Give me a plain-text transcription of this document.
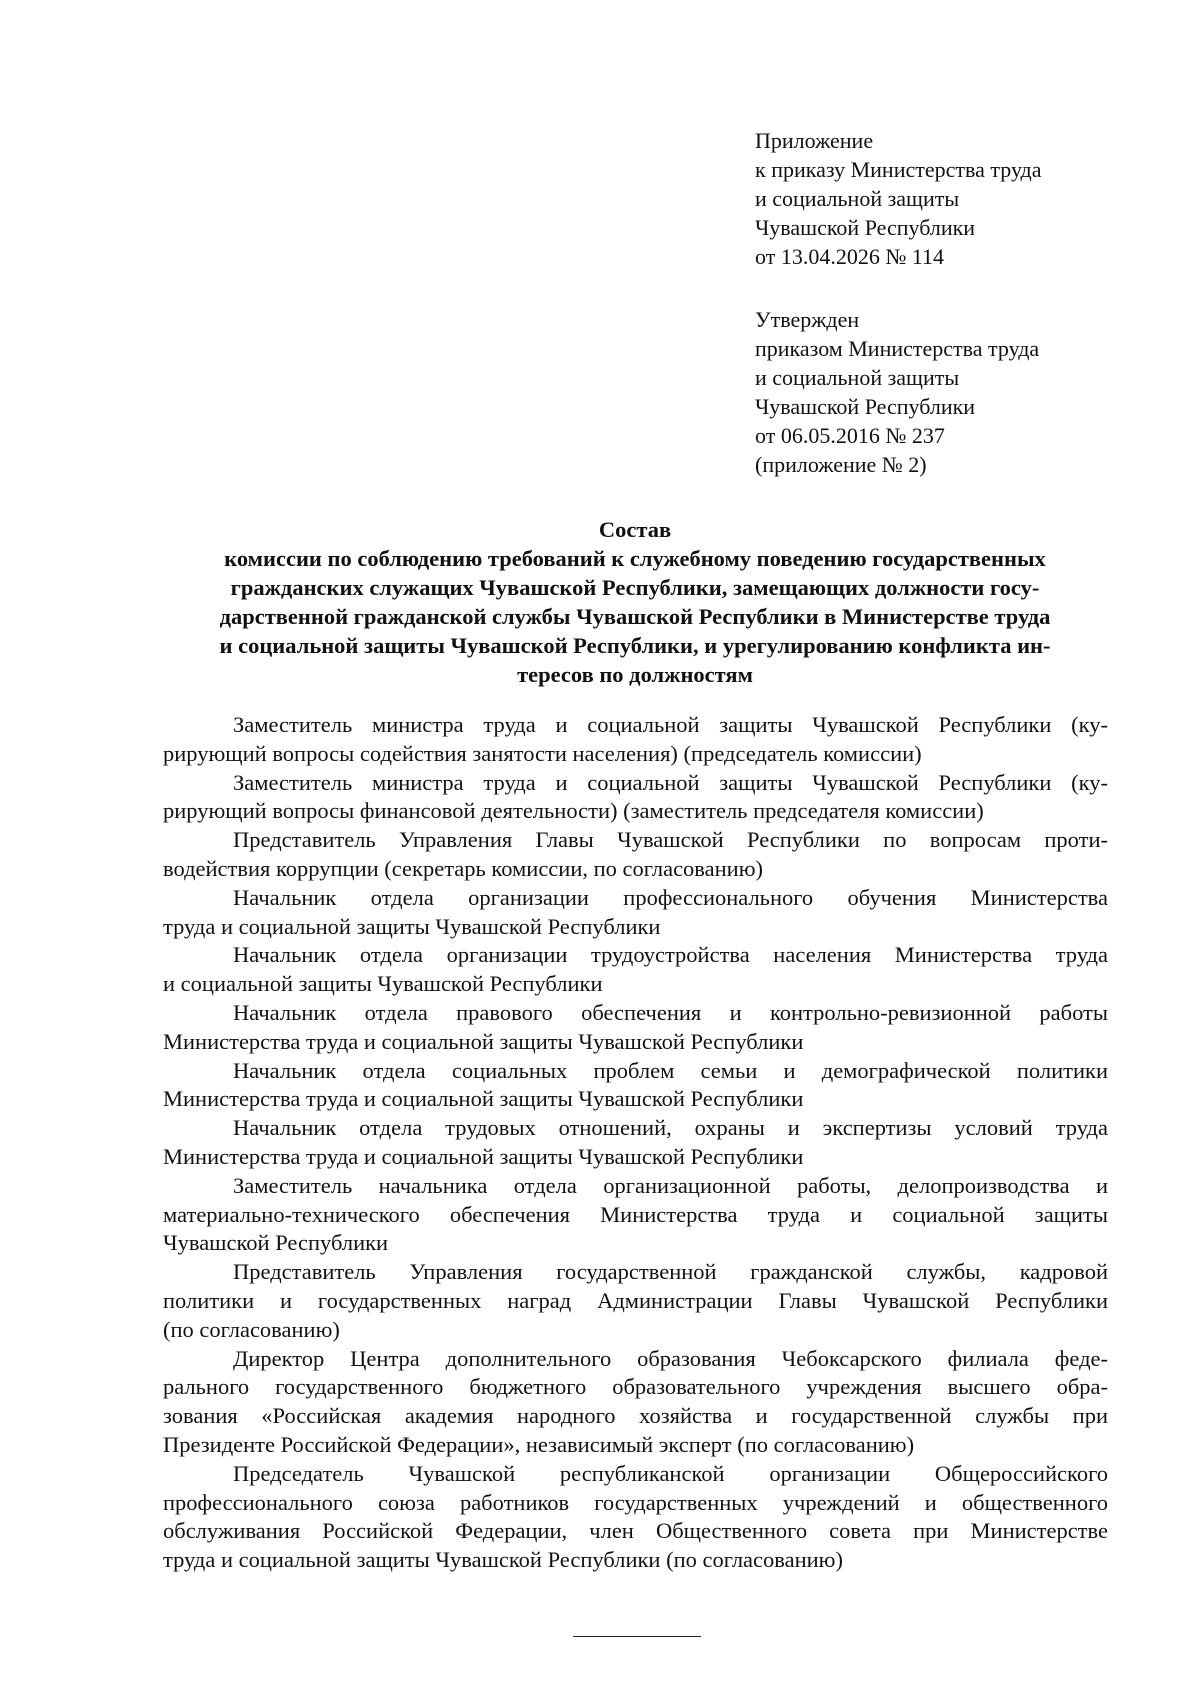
Приложение
к приказу Министерства труда
и социальной защиты
Чувашской Республики
от 13.04.2026 № 114
Утвержден
приказом Министерства труда
и социальной защиты
Чувашской Республики
от 06.05.2016 № 237
(приложение № 2)
Состав
комиссии по соблюдению требований к служебному поведению государственных
гражданских служащих Чувашской Республики, замещающих должности госу-
дарственной гражданской службы Чувашской Республики в Министерстве труда
и социальной защиты Чувашской Республики, и урегулированию конфликта ин-
тересов по должностям
Заместитель министра труда и социальной защиты Чувашской Республики (ку-
рирующий вопросы содействия занятости населения) (председатель комиссии)
Заместитель министра труда и социальной защиты Чувашской Республики (ку-
рирующий вопросы финансовой деятельности) (заместитель председателя комиссии)
Представитель Управления Главы Чувашской Республики по вопросам проти-
водействия коррупции (секретарь комиссии, по согласованию)
Начальник отдела организации профессионального обучения Министерства
труда и социальной защиты Чувашской Республики
Начальник отдела организации трудоустройства населения Министерства труда
и социальной защиты Чувашской Республики
Начальник отдела правового обеспечения и контрольно-ревизионной работы
Министерства труда и социальной защиты Чувашской Республики
Начальник отдела социальных проблем семьи и демографической политики
Министерства труда и социальной защиты Чувашской Республики
Начальник отдела трудовых отношений, охраны и экспертизы условий труда
Министерства труда и социальной защиты Чувашской Республики
Заместитель начальника отдела организационной работы, делопроизводства и
материально-технического обеспечения Министерства труда и социальной защиты
Чувашской Республики
Представитель Управления государственной гражданской службы, кадровой
политики и государственных наград Администрации Главы Чувашской Республики
(по согласованию)
Директор Центра дополнительного образования Чебоксарского филиала феде-
рального государственного бюджетного образовательного учреждения высшего обра-
зования «Российская академия народного хозяйства и государственной службы при
Президенте Российской Федерации», независимый эксперт (по согласованию)
Председатель Чувашской республиканской организации Общероссийского
профессионального союза работников государственных учреждений и общественного
обслуживания Российской Федерации, член Общественного совета при Министерстве
труда и социальной защиты Чувашской Республики (по согласованию)
